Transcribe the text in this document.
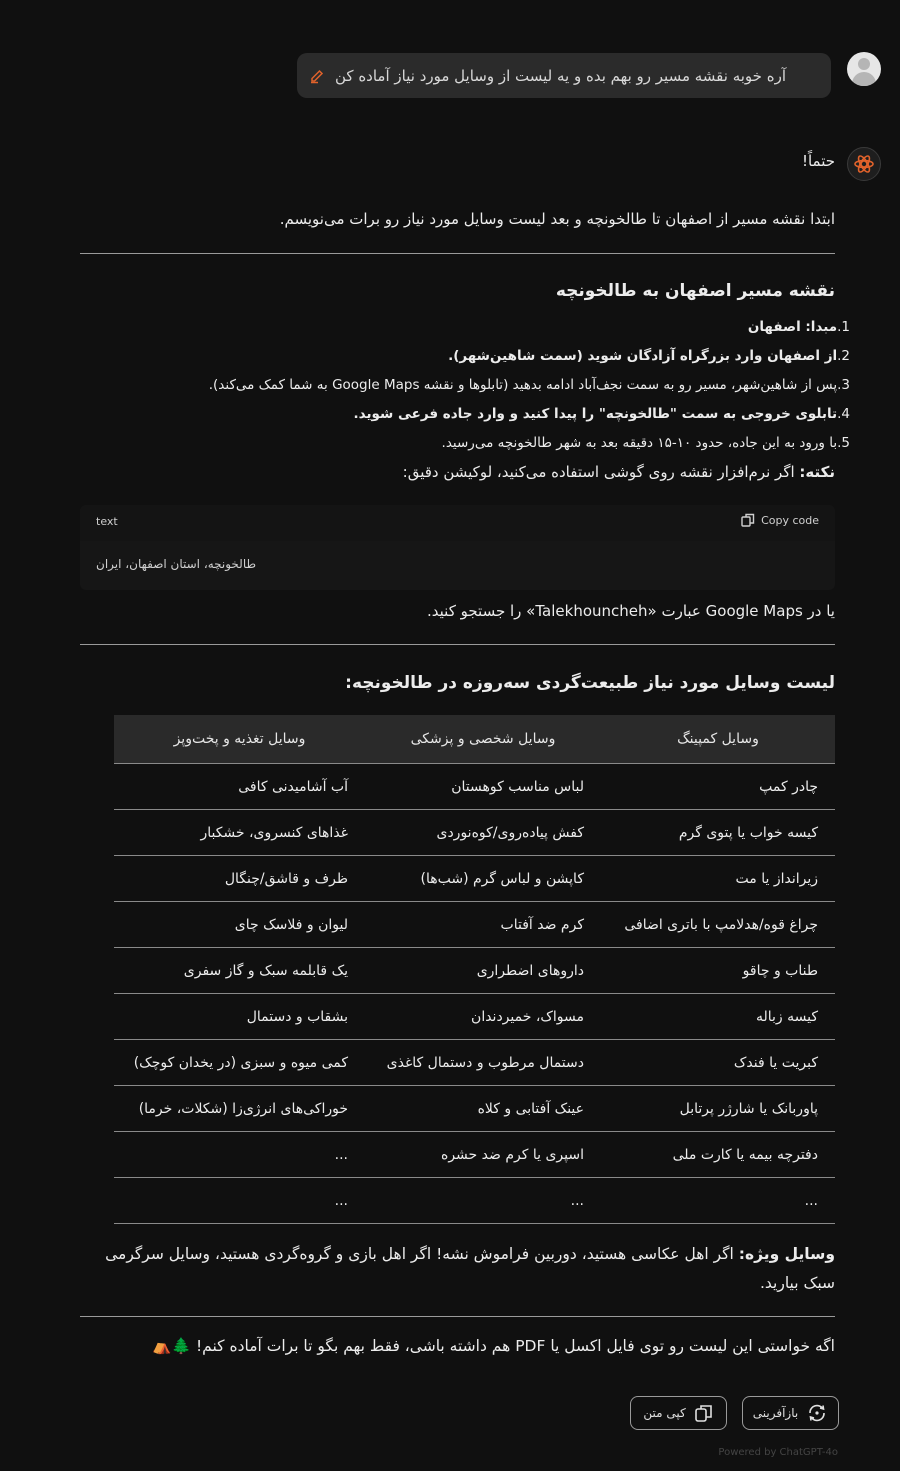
آره خوبه نقشه مسیر رو بهم بده و یه لیست از وسایل مورد نیاز آماده کن
حتماً!
ابتدا نقشه مسیر از اصفهان تا طالخونچه و بعد لیست وسایل مورد نیاز رو برات می‌نویسم.
نقشه مسیر اصفهان به طالخونچه
1.مبدا: اصفهان
2.از اصفهان وارد بزرگراه آزادگان شوید (سمت شاهین‌شهر).
3.پس از شاهین‌شهر، مسیر رو به سمت نجف‌آباد ادامه بدهید (تابلوها و نقشه Google Maps به شما کمک می‌کند).
4.تابلوی خروجی به سمت "طالخونچه" را پیدا کنید و وارد جاده فرعی شوید.
5.با ورود به این جاده، حدود ۱۰-۱۵ دقیقه بعد به شهر طالخونچه می‌رسید.
نکته: اگر نرم‌افزار نقشه روی گوشی استفاده می‌کنید، لوکیشن دقیق:
text	Copy code
طالخونچه، استان اصفهان، ایران
یا در Google Maps عبارت «Talekhouncheh» را جستجو کنید.
لیست وسایل مورد نیاز طبیعت‌گردی سه‌روزه در طالخونچه:
وسایل کمپینگ	وسایل شخصی و پزشکی	وسایل تغذیه و پخت‌وپز
چادر کمپ	لباس مناسب کوهستان	آب آشامیدنی کافی
کیسه خواب یا پتوی گرم	کفش پیاده‌روی/کوه‌نوردی	غذاهای کنسروی، خشکبار
زیرانداز یا مت	کاپشن و لباس گرم (شب‌ها)	ظرف و قاشق/چنگال
چراغ قوه/هدلامپ با باتری اضافی	کرم ضد آفتاب	لیوان و فلاسک چای
طناب و چاقو	داروهای اضطراری	یک قابلمه سبک و گاز سفری
کیسه زباله	مسواک، خمیردندان	بشقاب و دستمال
کبریت یا فندک	دستمال مرطوب و دستمال کاغذی	کمی میوه و سبزی (در یخدان کوچک)
پاوربانک یا شارژر پرتابل	عینک آفتابی و کلاه	خوراکی‌های انرژی‌زا (شکلات، خرما)
دفترچه بیمه یا کارت ملی	اسپری یا کرم ضد حشره	...
...	...	...
وسایل ویژه: اگر اهل عکاسی هستید، دوربین فراموش نشه! اگر اهل بازی و گروه‌گردی هستید، وسایل سرگرمی
سبک بیارید.
اگه خواستی این لیست رو توی فایل اکسل یا PDF هم داشته باشی، فقط بهم بگو تا برات آماده کنم! 🌲⛺
بازآفرینی
کپی متن
Powered by ChatGPT-4o
